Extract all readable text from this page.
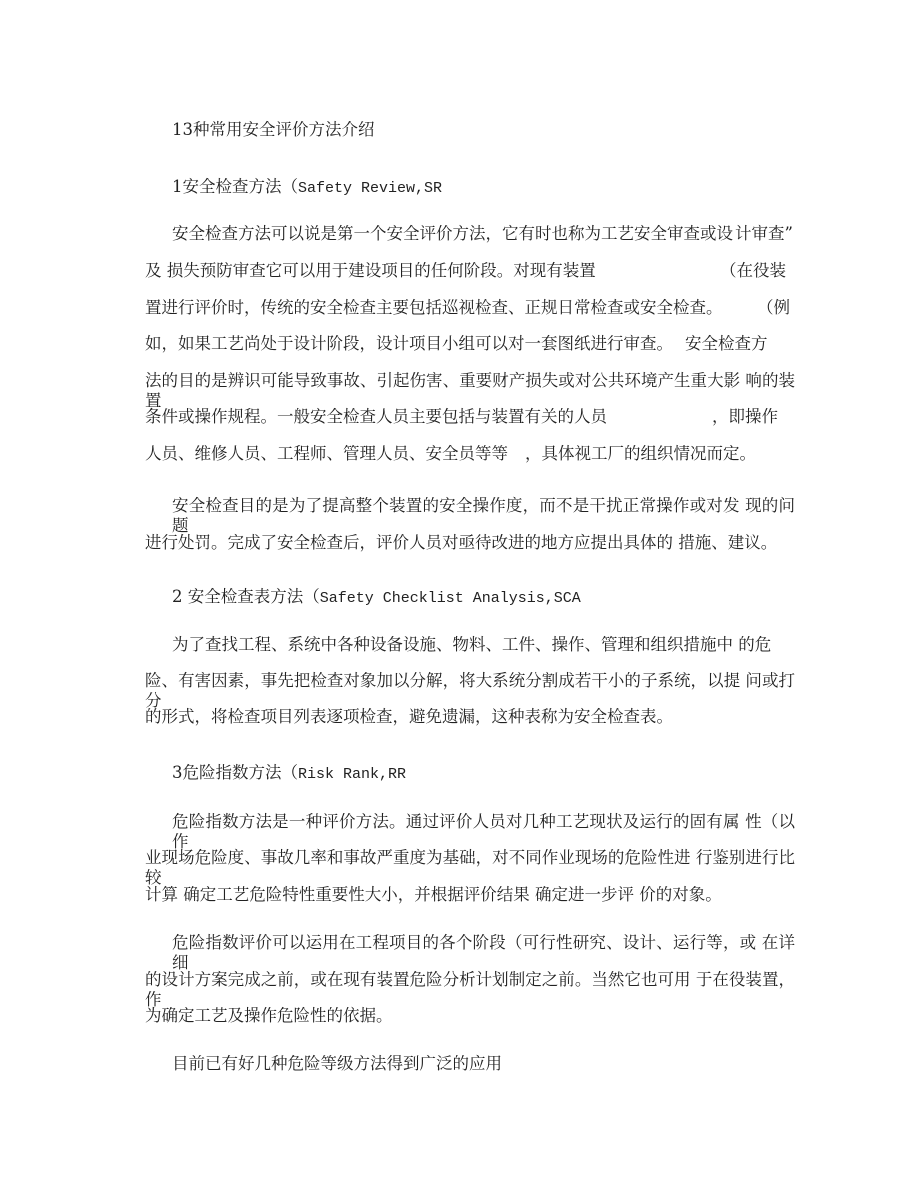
13种常用安全评价方法介绍
1安全检查方法（Safety Review,SR
安全检查方法可以说是第一个安全评价方法，它有时也称为工艺安全审查或设 计审查”
及 损失预防审查它可以用于建设项目的任何阶段。对现有装置	（在役装
置进行评价时，传统的安全检查主要包括巡视检查、正规日常检查或安全检查。 （例
如，如果工艺尚处于设计阶段，设计项目小组可以对一套图纸进行审查。 安全检查方
法的目的是辨识可能导致事故、引起伤害、重要财产损失或对公共环境产生重大影 响的装置
条件或操作规程。一般安全检查人员主要包括与装置有关的人员	，即操作
人员、维修人员、工程师、管理人员、安全员等等 ，具体视工厂的组织情况而定。
安全检查目的是为了提高整个装置的安全操作度，而不是干扰正常操作或对发 现的问题
进行处罚。完成了安全检查后，评价人员对亟待改进的地方应提出具体的 措施、建议。
2 安全检查表方法（Safety Checklist Analysis,SCA
为了查找工程、系统中各种设备设施、物料、工件、操作、管理和组织措施中 的危
险、有害因素，事先把检查对象加以分解，将大系统分割成若干小的子系统，以提 问或打分
的形式，将检查项目列表逐项检查，避免遗漏，这种表称为安全检查表。
3危险指数方法（Risk Rank,RR
危险指数方法是一种评价方法。通过评价人员对几种工艺现状及运行的固有属 性（以作
业现场危险度、事故几率和事故严重度为基础，对不同作业现场的危险性进 行鉴别进行比较
计算 确定工艺危险特性重要性大小，并根据评价结果 确定进一步评 价的对象。
危险指数评价可以运用在工程项目的各个阶段（可行性研究、设计、运行等，或 在详细
的设计方案完成之前，或在现有装置危险分析计划制定之前。当然它也可用 于在役装置，作
为确定工艺及操作危险性的依据。
目前已有好几种危险等级方法得到广泛的应用
